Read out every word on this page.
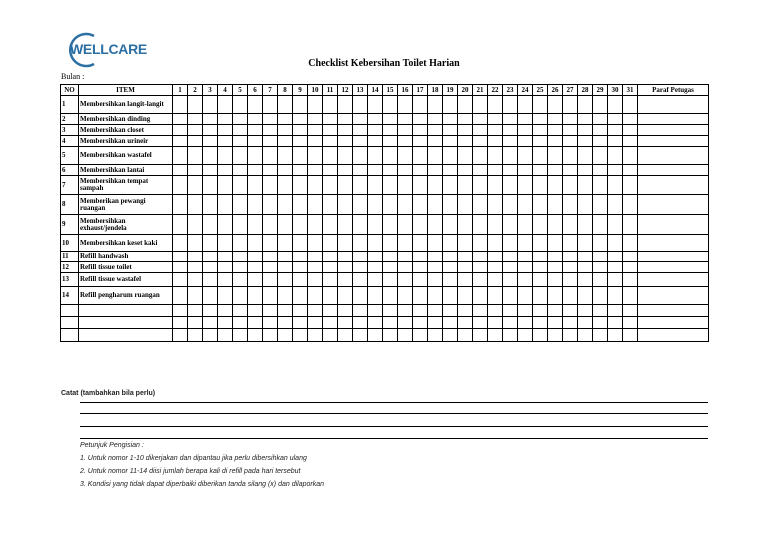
WELLCARE
Checklist Kebersihan Toilet Harian
Bulan :
NO	ITEM	1	2	3	4	5	6	7	8	9	10	11	12	13	14	15	16	17	18	19	20	21	22	23	24	25	26	27	28	29	30	31	Paraf Petugas
1	Membersihkan langit-langit																																
2	Membersihkan dinding																																
3	Membersihkan closet																																
4	Membersihkan urineir																																
5	Membersihkan wastafel																																
6	Membersihkan lantai																																
7	Membersihkan tempat sampah																																
8	Memberikan pewangi ruangan																																
9	Membersihkan exhaust/jendela																																
10	Membersihkan keset kaki																																
11	Refill handwash																																
12	Refill tissue toilet																																
13	Refill tissue wastafel																																
14	Refill pengharum ruangan																																

Catat (tambahkan bila perlu)
Petunjuk Pengisian :
1. Untuk nomor 1-10 dikerjakan dan dipantau jika perlu dibersihkan ulang
2. Untuk nomor 11-14 diisi jumlah berapa kali di refill pada hari tersebut
3. Kondisi yang tidak dapat diperbaiki diberikan tanda silang (x) dan dilaporkan
